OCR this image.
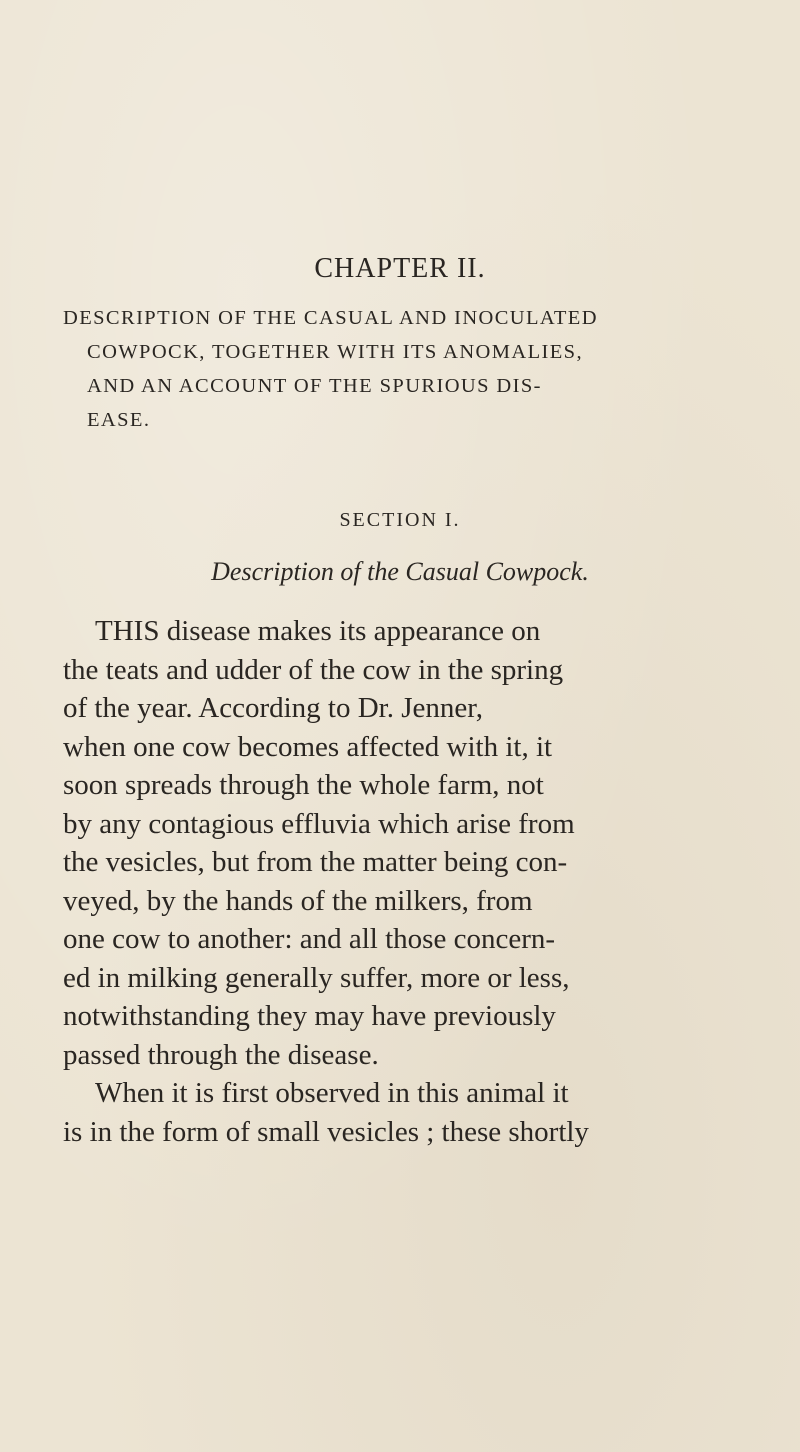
CHAPTER II.
DESCRIPTION OF THE CASUAL AND INOCULATED
COWPOCK, TOGETHER WITH ITS ANOMALIES,
AND AN ACCOUNT OF THE SPURIOUS DIS-
EASE.
SECTION I.
Description of the Casual Cowpock.
THIS disease makes its appearance on
the teats and udder of the cow in the spring
of the year. According to Dr. Jenner,
when one cow becomes affected with it, it
soon spreads through the whole farm, not
by any contagious effluvia which arise from
the vesicles, but from the matter being con-
veyed, by the hands of the milkers, from
one cow to another: and all those concern-
ed in milking generally suffer, more or less,
notwithstanding they may have previously
passed through the disease.
When it is first observed in this animal it
is in the form of small vesicles ; these shortly
